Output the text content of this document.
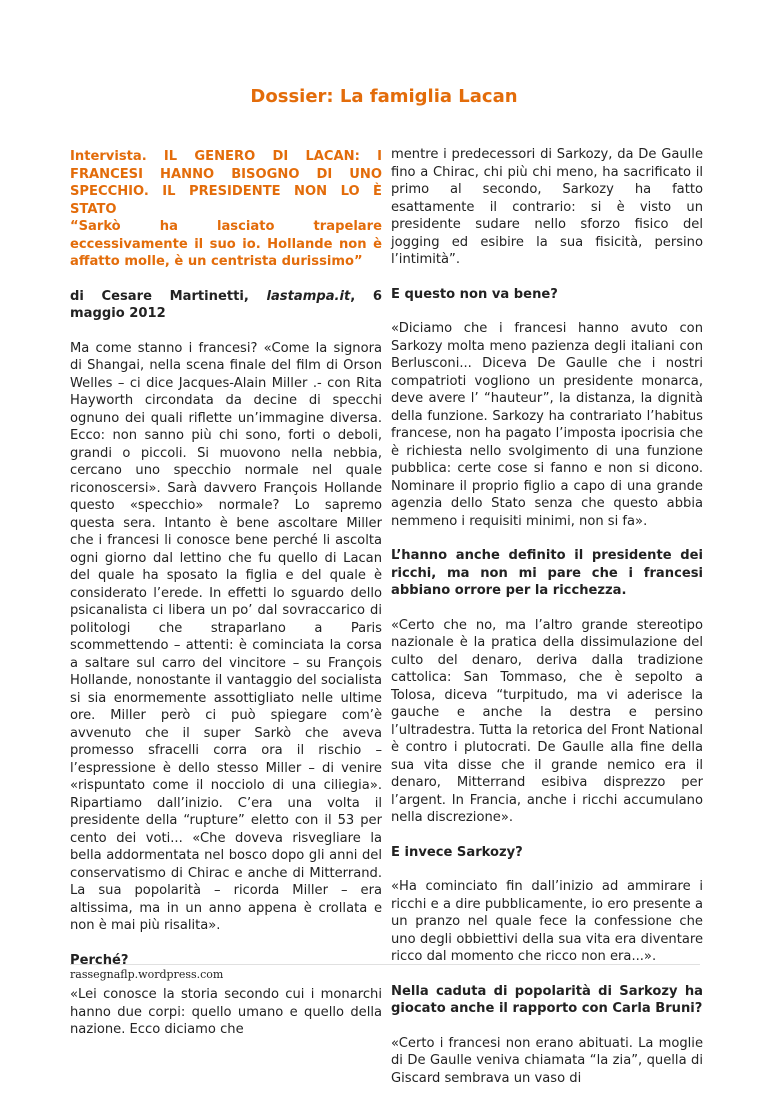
Dossier: La famiglia Lacan

Intervista. IL GENERO DI LACAN: I FRANCESI HANNO BISOGNO DI UNO SPECCHIO. IL PRESIDENTE NON LO È STATO
“Sarkò ha lasciato trapelare eccessivamente il suo io. Hollande non è affatto molle, è un centrista durissimo”

di Cesare Martinetti, lastampa.it, 6 maggio 2012

Ma come stanno i francesi? «Come la signora di Shangai, nella scena finale del film di Orson Welles – ci dice Jacques-Alain Miller .- con Rita Hayworth circondata da decine di specchi ognuno dei quali riflette un’immagine diversa. Ecco: non sanno più chi sono, forti o deboli, grandi o piccoli. Si muovono nella nebbia, cercano uno specchio normale nel quale riconoscersi». Sarà davvero François Hollande questo «specchio» normale? Lo sapremo questa sera. Intanto è bene ascoltare Miller che i francesi li conosce bene perché li ascolta ogni giorno dal lettino che fu quello di Lacan del quale ha sposato la figlia e del quale è considerato l’erede. In effetti lo sguardo dello psicanalista ci libera un po’ dal sovraccarico di politologi che straparlano a Paris scommettendo – attenti: è cominciata la corsa a saltare sul carro del vincitore – su François Hollande, nonostante il vantaggio del socialista si sia enormemente assottigliato nelle ultime ore. Miller però ci può spiegare com’è avvenuto che il super Sarkò che aveva promesso sfracelli corra ora il rischio – l’espressione è dello stesso Miller – di venire «rispuntato come il nocciolo di una ciliegia». Ripartiamo dall’inizio. C’era una volta il presidente della “rupture” eletto con il 53 per cento dei voti... «Che doveva risvegliare la bella addormentata nel bosco dopo gli anni del conservatismo di Chirac e anche di Mitterrand. La sua popolarità – ricorda Miller – era altissima, ma in un anno appena è crollata e non è mai più risalita».

Perché?

«Lei conosce la storia secondo cui i monarchi hanno due corpi: quello umano e quello della nazione. Ecco diciamo che

mentre i predecessori di Sarkozy, da De Gaulle fino a Chirac, chi più chi meno, ha sacrificato il primo al secondo, Sarkozy ha fatto esattamente il contrario: si è visto un presidente sudare nello sforzo fisico del jogging ed esibire la sua fisicità, persino l’intimità”.

E questo non va bene?

«Diciamo che i francesi hanno avuto con Sarkozy molta meno pazienza degli italiani con Berlusconi... Diceva De Gaulle che i nostri compatrioti vogliono un presidente monarca, deve avere l’ “hauteur”, la distanza, la dignità della funzione. Sarkozy ha contrariato l’habitus francese, non ha pagato l’imposta ipocrisia che è richiesta nello svolgimento di una funzione pubblica: certe cose si fanno e non si dicono. Nominare il proprio figlio a capo di una grande agenzia dello Stato senza che questo abbia nemmeno i requisiti minimi, non si fa».

L’hanno anche definito il presidente dei ricchi, ma non mi pare che i francesi abbiano orrore per la ricchezza.

«Certo che no, ma l’altro grande stereotipo nazionale è la pratica della dissimulazione del culto del denaro, deriva dalla tradizione cattolica: San Tommaso, che è sepolto a Tolosa, diceva “turpitudo, ma vi aderisce la gauche e anche la destra e persino l’ultradestra. Tutta la retorica del Front National è contro i plutocrati. De Gaulle alla fine della sua vita disse che il grande nemico era il denaro, Mitterrand esibiva disprezzo per l’argent. In Francia, anche i ricchi accumulano nella discrezione».

E invece Sarkozy?

«Ha cominciato fin dall’inizio ad ammirare i ricchi e a dire pubblicamente, io ero presente a un pranzo nel quale fece la confessione che uno degli obbiettivi della sua vita era diventare ricco dal momento che ricco non era...».

Nella caduta di popolarità di Sarkozy ha giocato anche il rapporto con Carla Bruni?

«Certo i francesi non erano abituati. La moglie di De Gaulle veniva chiamata “la zia”, quella di Giscard sembrava un vaso di

rassegnaflp.wordpress.com
